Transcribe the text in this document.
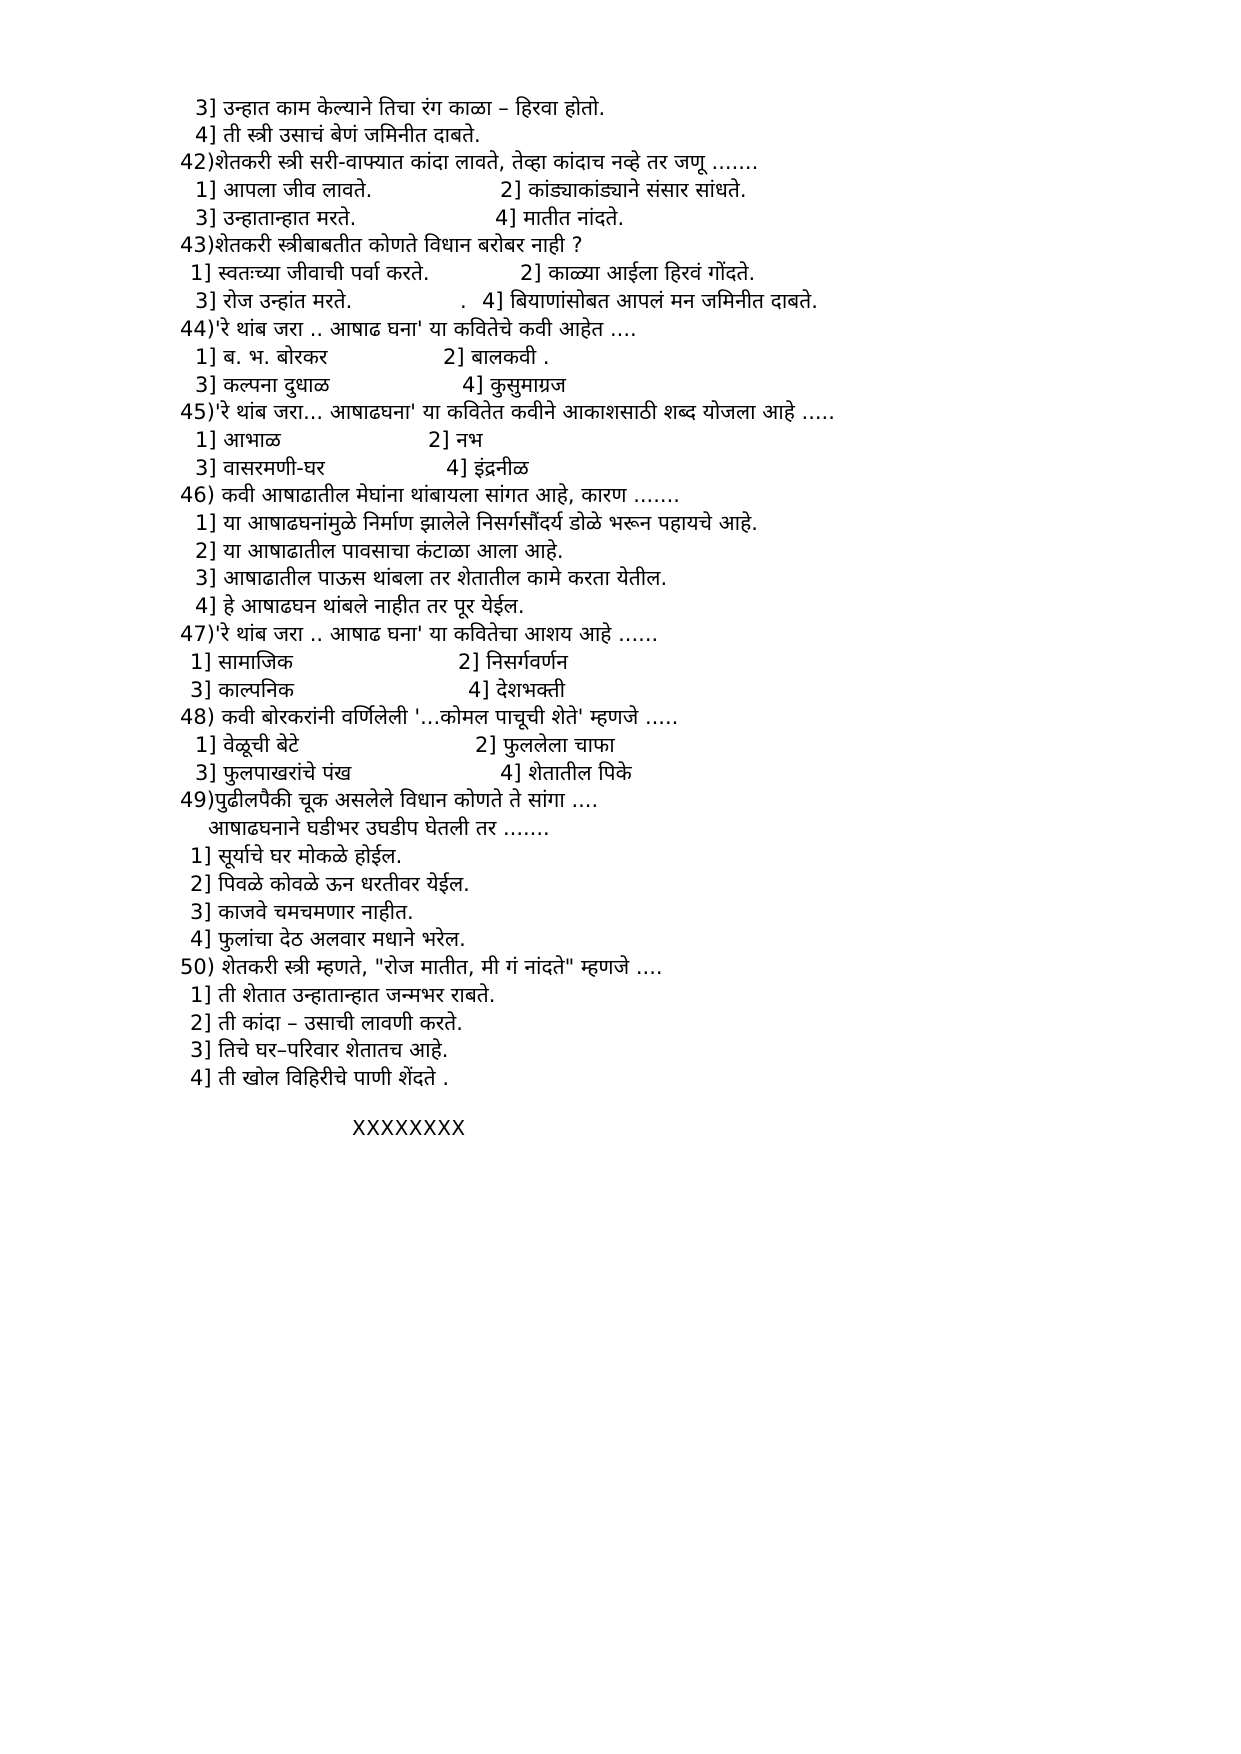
3] उन्हात काम केल्याने तिचा रंग काळा – हिरवा होतो.
4] ती स्त्री उसाचं बेणं जमिनीत दाबते.
42)शेतकरी स्त्री सरी-वाफ्यात कांदा लावते, तेव्हा कांदाच नव्हे तर जणू .......
1] आपला जीव लावते.	2] कांड्याकांड्याने संसार सांधते.
3] उन्हातान्हात मरते.	4] मातीत नांदते.
43)शेतकरी स्त्रीबाबतीत कोणते विधान बरोबर नाही ?
1] स्वतःच्या जीवाची पर्वा करते.	2] काळ्या आईला हिरवं गोंदते.
3] रोज उन्हांत मरते.	. 4] बियाणांसोबत आपलं मन जमिनीत दाबते.
44)'रे थांब जरा .. आषाढ घना' या कवितेचे कवी आहेत ....
1] ब. भ. बोरकर	2] बालकवी .
3] कल्पना दुधाळ	4] कुसुमाग्रज
45)'रे थांब जरा... आषाढघना' या कवितेत कवीने आकाशसाठी शब्द योजला आहे .....
1] आभाळ	2] नभ
3] वासरमणी-घर	4] इंद्रनीळ
46) कवी आषाढातील मेघांना थांबायला सांगत आहे, कारण .......
1] या आषाढघनांमुळे निर्माण झालेले निसर्गसौंदर्य डोळे भरून पहायचे आहे.
2] या आषाढातील पावसाचा कंटाळा आला आहे.
3] आषाढातील पाऊस थांबला तर शेतातील कामे करता येतील.
4] हे आषाढघन थांबले नाहीत तर पूर येईल.
47)'रे थांब जरा .. आषाढ घना' या कवितेचा आशय आहे ......
1] सामाजिक	2] निसर्गवर्णन
3] काल्पनिक	4] देशभक्ती
48) कवी बोरकरांनी वर्णिलेली '...कोमल पाचूची शेते' म्हणजे .....
1] वेळूची बेटे	2] फुललेला चाफा
3] फुलपाखरांचे पंख	4] शेतातील पिके
49)पुढीलपैकी चूक असलेले विधान कोणते ते सांगा ....
आषाढघनाने घडीभर उघडीप घेतली तर .......
1] सूर्याचे घर मोकळे होईल.
2] पिवळे कोवळे ऊन धरतीवर येईल.
3] काजवे चमचमणार नाहीत.
4] फुलांचा देठ अलवार मधाने भरेल.
50) शेतकरी स्त्री म्हणते, "रोज मातीत, मी गं नांदते" म्हणजे ....
1] ती शेतात उन्हातान्हात जन्मभर राबते.
2] ती कांदा – उसाची लावणी करते.
3] तिचे घर–परिवार शेतातच आहे.
4] ती खोल विहिरीचे पाणी शेंदते .
XXXXXXXX
